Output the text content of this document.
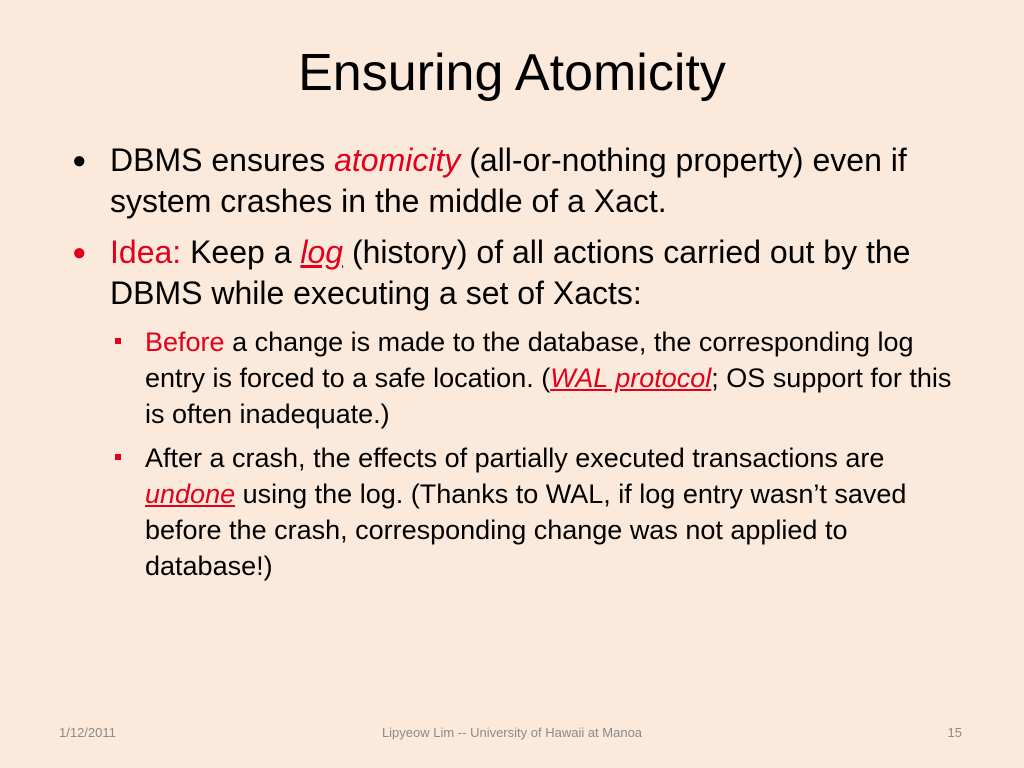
Ensuring Atomicity
● DBMS ensures atomicity (all-or-nothing property) even if system crashes in the middle of a Xact.
● Idea: Keep a log (history) of all actions carried out by the DBMS while executing a set of Xacts:
Before a change is made to the database, the corresponding log entry is forced to a safe location. (WAL protocol; OS support for this is often inadequate.)
After a crash, the effects of partially executed transactions are undone using the log. (Thanks to WAL, if log entry wasn’t saved before the crash, corresponding change was not applied to database!)
1/12/2011	Lipyeow Lim -- University of Hawaii at Manoa	15
